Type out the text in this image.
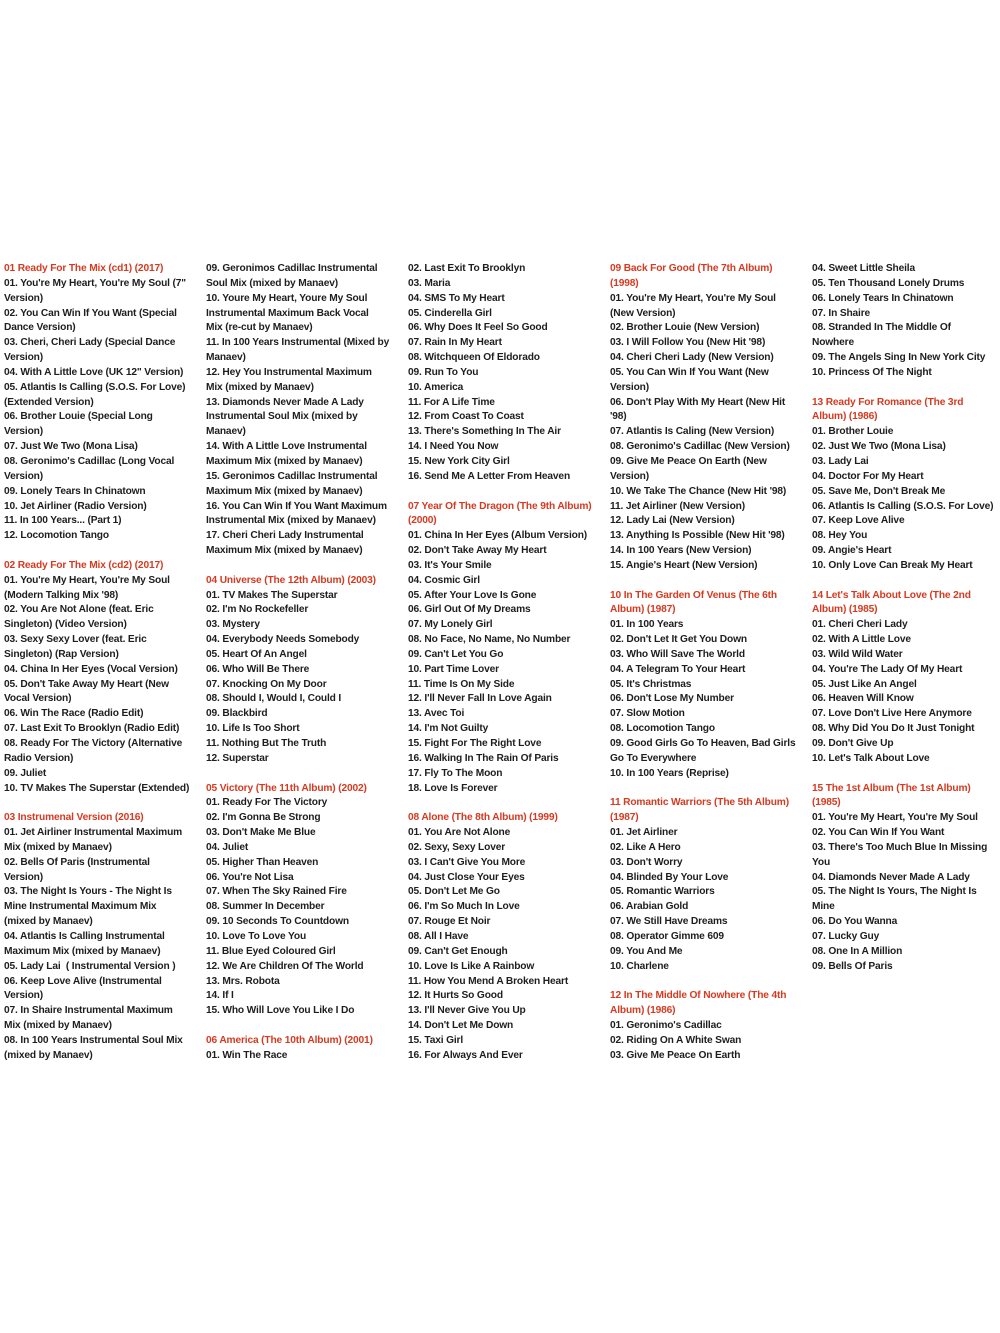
01 Ready For The Mix (cd1) (2017)
01. You're My Heart, You're My Soul (7"
Version)
02. You Can Win If You Want (Special
Dance Version)
03. Cheri, Cheri Lady (Special Dance
Version)
04. With A Little Love (UK 12" Version)
05. Atlantis Is Calling (S.O.S. For Love)
(Extended Version)
06. Brother Louie (Special Long
Version)
07. Just We Two (Mona Lisa)
08. Geronimo's Cadillac (Long Vocal
Version)
09. Lonely Tears In Chinatown
10. Jet Airliner (Radio Version)
11. In 100 Years... (Part 1)
12. Locomotion Tango
02 Ready For The Mix (cd2) (2017)
01. You're My Heart, You're My Soul
(Modern Talking Mix '98)
02. You Are Not Alone (feat. Eric
Singleton) (Video Version)
03. Sexy Sexy Lover (feat. Eric
Singleton) (Rap Version)
04. China In Her Eyes (Vocal Version)
05. Don't Take Away My Heart (New
Vocal Version)
06. Win The Race (Radio Edit)
07. Last Exit To Brooklyn (Radio Edit)
08. Ready For The Victory (Alternative
Radio Version)
09. Juliet
10. TV Makes The Superstar (Extended)
03 Instrumenal Version (2016)
01. Jet Airliner Instrumental Maximum
Mix (mixed by Manaev)
02. Bells Of Paris (Instrumental
Version)
03. The Night Is Yours - The Night Is
Mine Instrumental Maximum Mix
(mixed by Manaev)
04. Atlantis Is Calling Instrumental
Maximum Mix (mixed by Manaev)
05. Lady Lai  ( Instrumental Version )
06. Keep Love Alive (Instrumental
Version)
07. In Shaire Instrumental Maximum
Mix (mixed by Manaev)
08. In 100 Years Instrumental Soul Mix
(mixed by Manaev)
09. Geronimos Cadillac Instrumental
Soul Mix (mixed by Manaev)
10. Youre My Heart, Youre My Soul
Instrumental Maximum Back Vocal
Mix (re-cut by Manaev)
11. In 100 Years Instrumental (Mixed by
Manaev)
12. Hey You Instrumental Maximum
Mix (mixed by Manaev)
13. Diamonds Never Made A Lady
Instrumental Soul Mix (mixed by
Manaev)
14. With A Little Love Instrumental
Maximum Mix (mixed by Manaev)
15. Geronimos Cadillac Instrumental
Maximum Mix (mixed by Manaev)
16. You Can Win If You Want Maximum
Instrumental Mix (mixed by Manaev)
17. Cheri Cheri Lady Instrumental
Maximum Mix (mixed by Manaev)
04 Universe (The 12th Album) (2003)
01. TV Makes The Superstar
02. I'm No Rockefeller
03. Mystery
04. Everybody Needs Somebody
05. Heart Of An Angel
06. Who Will Be There
07. Knocking On My Door
08. Should I, Would I, Could I
09. Blackbird
10. Life Is Too Short
11. Nothing But The Truth
12. Superstar
05 Victory (The 11th Album) (2002)
01. Ready For The Victory
02. I'm Gonna Be Strong
03. Don't Make Me Blue
04. Juliet
05. Higher Than Heaven
06. You're Not Lisa
07. When The Sky Rained Fire
08. Summer In December
09. 10 Seconds To Countdown
10. Love To Love You
11. Blue Eyed Coloured Girl
12. We Are Children Of The World
13. Mrs. Robota
14. If I
15. Who Will Love You Like I Do
06 America (The 10th Album) (2001)
01. Win The Race
02. Last Exit To Brooklyn
03. Maria
04. SMS To My Heart
05. Cinderella Girl
06. Why Does It Feel So Good
07. Rain In My Heart
08. Witchqueen Of Eldorado
09. Run To You
10. America
11. For A Life Time
12. From Coast To Coast
13. There's Something In The Air
14. I Need You Now
15. New York City Girl
16. Send Me A Letter From Heaven
07 Year Of The Dragon (The 9th Album)
(2000)
01. China In Her Eyes (Album Version)
02. Don't Take Away My Heart
03. It's Your Smile
04. Cosmic Girl
05. After Your Love Is Gone
06. Girl Out Of My Dreams
07. My Lonely Girl
08. No Face, No Name, No Number
09. Can't Let You Go
10. Part Time Lover
11. Time Is On My Side
12. I'll Never Fall In Love Again
13. Avec Toi
14. I'm Not Guilty
15. Fight For The Right Love
16. Walking In The Rain Of Paris
17. Fly To The Moon
18. Love Is Forever
08 Alone (The 8th Album) (1999)
01. You Are Not Alone
02. Sexy, Sexy Lover
03. I Can't Give You More
04. Just Close Your Eyes
05. Don't Let Me Go
06. I'm So Much In Love
07. Rouge Et Noir
08. All I Have
09. Can't Get Enough
10. Love Is Like A Rainbow
11. How You Mend A Broken Heart
12. It Hurts So Good
13. I'll Never Give You Up
14. Don't Let Me Down
15. Taxi Girl
16. For Always And Ever
09 Back For Good (The 7th Album)
(1998)
01. You're My Heart, You're My Soul
(New Version)
02. Brother Louie (New Version)
03. I Will Follow You (New Hit '98)
04. Cheri Cheri Lady (New Version)
05. You Can Win If You Want (New
Version)
06. Don't Play With My Heart (New Hit
'98)
07. Atlantis Is Caling (New Version)
08. Geronimo's Cadillac (New Version)
09. Give Me Peace On Earth (New
Version)
10. We Take The Chance (New Hit '98)
11. Jet Airliner (New Version)
12. Lady Lai (New Version)
13. Anything Is Possible (New Hit '98)
14. In 100 Years (New Version)
15. Angie's Heart (New Version)
10 In The Garden Of Venus (The 6th
Album) (1987)
01. In 100 Years
02. Don't Let It Get You Down
03. Who Will Save The World
04. A Telegram To Your Heart
05. It's Christmas
06. Don't Lose My Number
07. Slow Motion
08. Locomotion Tango
09. Good Girls Go To Heaven, Bad Girls
Go To Everywhere
10. In 100 Years (Reprise)
11 Romantic Warriors (The 5th Album)
(1987)
01. Jet Airliner
02. Like A Hero
03. Don't Worry
04. Blinded By Your Love
05. Romantic Warriors
06. Arabian Gold
07. We Still Have Dreams
08. Operator Gimme 609
09. You And Me
10. Charlene
12 In The Middle Of Nowhere (The 4th
Album) (1986)
01. Geronimo's Cadillac
02. Riding On A White Swan
03. Give Me Peace On Earth
04. Sweet Little Sheila
05. Ten Thousand Lonely Drums
06. Lonely Tears In Chinatown
07. In Shaire
08. Stranded In The Middle Of
Nowhere
09. The Angels Sing In New York City
10. Princess Of The Night
13 Ready For Romance (The 3rd
Album) (1986)
01. Brother Louie
02. Just We Two (Mona Lisa)
03. Lady Lai
04. Doctor For My Heart
05. Save Me, Don't Break Me
06. Atlantis Is Calling (S.O.S. For Love)
07. Keep Love Alive
08. Hey You
09. Angie's Heart
10. Only Love Can Break My Heart
14 Let's Talk About Love (The 2nd
Album) (1985)
01. Cheri Cheri Lady
02. With A Little Love
03. Wild Wild Water
04. You're The Lady Of My Heart
05. Just Like An Angel
06. Heaven Will Know
07. Love Don't Live Here Anymore
08. Why Did You Do It Just Tonight
09. Don't Give Up
10. Let's Talk About Love
15 The 1st Album (The 1st Album)
(1985)
01. You're My Heart, You're My Soul
02. You Can Win If You Want
03. There's Too Much Blue In Missing
You
04. Diamonds Never Made A Lady
05. The Night Is Yours, The Night Is
Mine
06. Do You Wanna
07. Lucky Guy
08. One In A Million
09. Bells Of Paris
